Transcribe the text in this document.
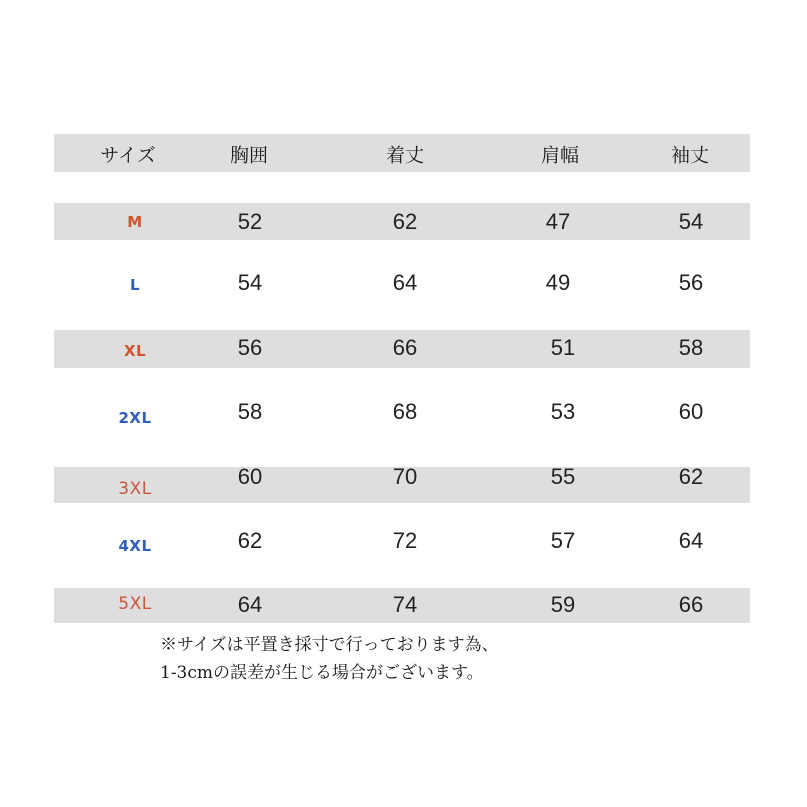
サイズ	胸囲	着丈	肩幅	袖丈
M	52	62	47	54
L	54	64	49	56
XL	56	66	51	58
2XL	58	68	53	60
3XL	60	70	55	62
4XL	62	72	57	64
5XL	64	74	59	66
※サイズは平置き採寸で行っております為、
1-3cmの誤差が生じる場合がございます。
